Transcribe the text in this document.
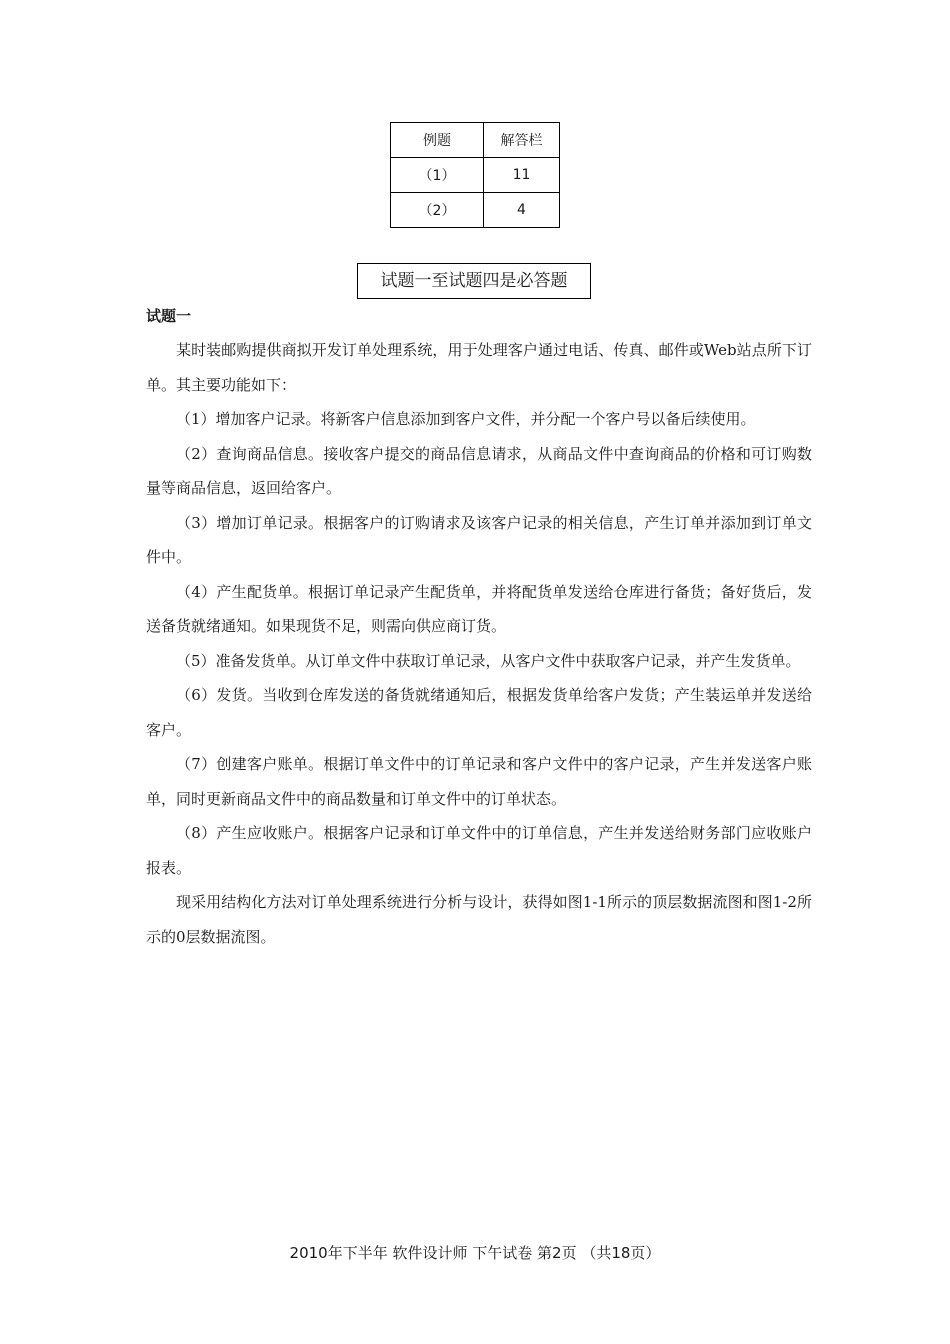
例题	解答栏
（1）	11
（2）	4
试题一至试题四是必答题
试题一

某时装邮购提供商拟开发订单处理系统，用于处理客户通过电话、传真、邮件或Web站点所下订单。其主要功能如下：

（1）增加客户记录。将新客户信息添加到客户文件，并分配一个客户号以备后续使用。

（2）查询商品信息。接收客户提交的商品信息请求，从商品文件中查询商品的价格和可订购数量等商品信息，返回给客户。

（3）增加订单记录。根据客户的订购请求及该客户记录的相关信息，产生订单并添加到订单文件中。

（4）产生配货单。根据订单记录产生配货单，并将配货单发送给仓库进行备货；备好货后，发送备货就绪通知。如果现货不足，则需向供应商订货。

（5）准备发货单。从订单文件中获取订单记录，从客户文件中获取客户记录，并产生发货单。

（6）发货。当收到仓库发送的备货就绪通知后，根据发货单给客户发货；产生装运单并发送给客户。

（7）创建客户账单。根据订单文件中的订单记录和客户文件中的客户记录，产生并发送客户账单，同时更新商品文件中的商品数量和订单文件中的订单状态。

（8）产生应收账户。根据客户记录和订单文件中的订单信息，产生并发送给财务部门应收账户报表。

现采用结构化方法对订单处理系统进行分析与设计，获得如图1-1所示的顶层数据流图和图1-2所示的0层数据流图。

2010年下半年 软件设计师 下午试卷 第2页 （共18页）
